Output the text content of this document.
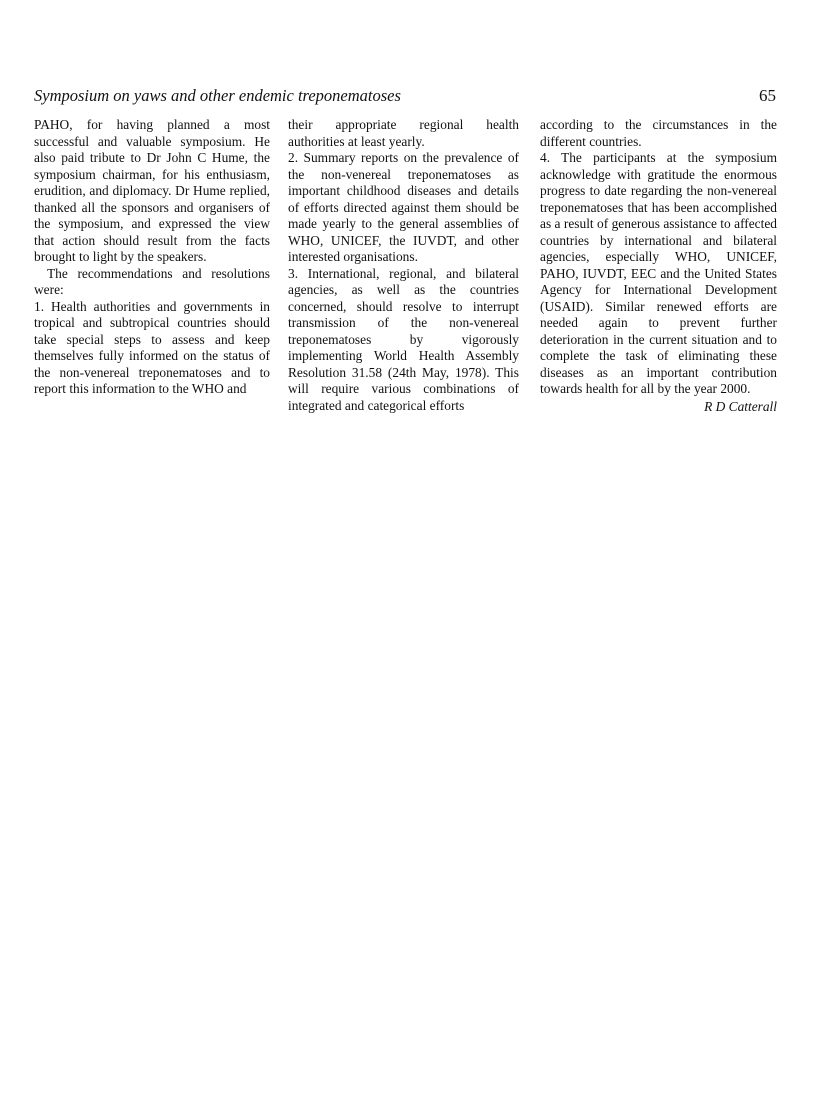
Symposium on yaws and other endemic treponematoses	65

PAHO, for having planned a most successful and valuable symposium. He also paid tribute to Dr John C Hume, the symposium chairman, for his enthusiasm, erudition, and diplomacy. Dr Hume replied, thanked all the sponsors and organisers of the symposium, and expressed the view that action should result from the facts brought to light by the speakers.

The recommendations and resolutions were:

1. Health authorities and governments in tropical and subtropical countries should take special steps to assess and keep themselves fully informed on the status of the non-venereal treponematoses and to report this information to the WHO and

their appropriate regional health authorities at least yearly.

2. Summary reports on the prevalence of the non-venereal treponematoses as important childhood diseases and details of efforts directed against them should be made yearly to the general assemblies of WHO, UNICEF, the IUVDT, and other interested organisations.

3. International, regional, and bilateral agencies, as well as the countries concerned, should resolve to interrupt transmission of the non-venereal treponematoses by vigorously implementing World Health Assembly Resolution 31.58 (24th May, 1978). This will require various combinations of integrated and categorical efforts

according to the circumstances in the different countries.

4. The participants at the symposium acknowledge with gratitude the enormous progress to date regarding the non-venereal treponematoses that has been accomplished as a result of generous assistance to affected countries by international and bilateral agencies, especially WHO, UNICEF, PAHO, IUVDT, EEC and the United States Agency for International Development (USAID). Similar renewed efforts are needed again to prevent further deterioration in the current situation and to complete the task of eliminating these diseases as an important contribution towards health for all by the year 2000.

R D Catterall
